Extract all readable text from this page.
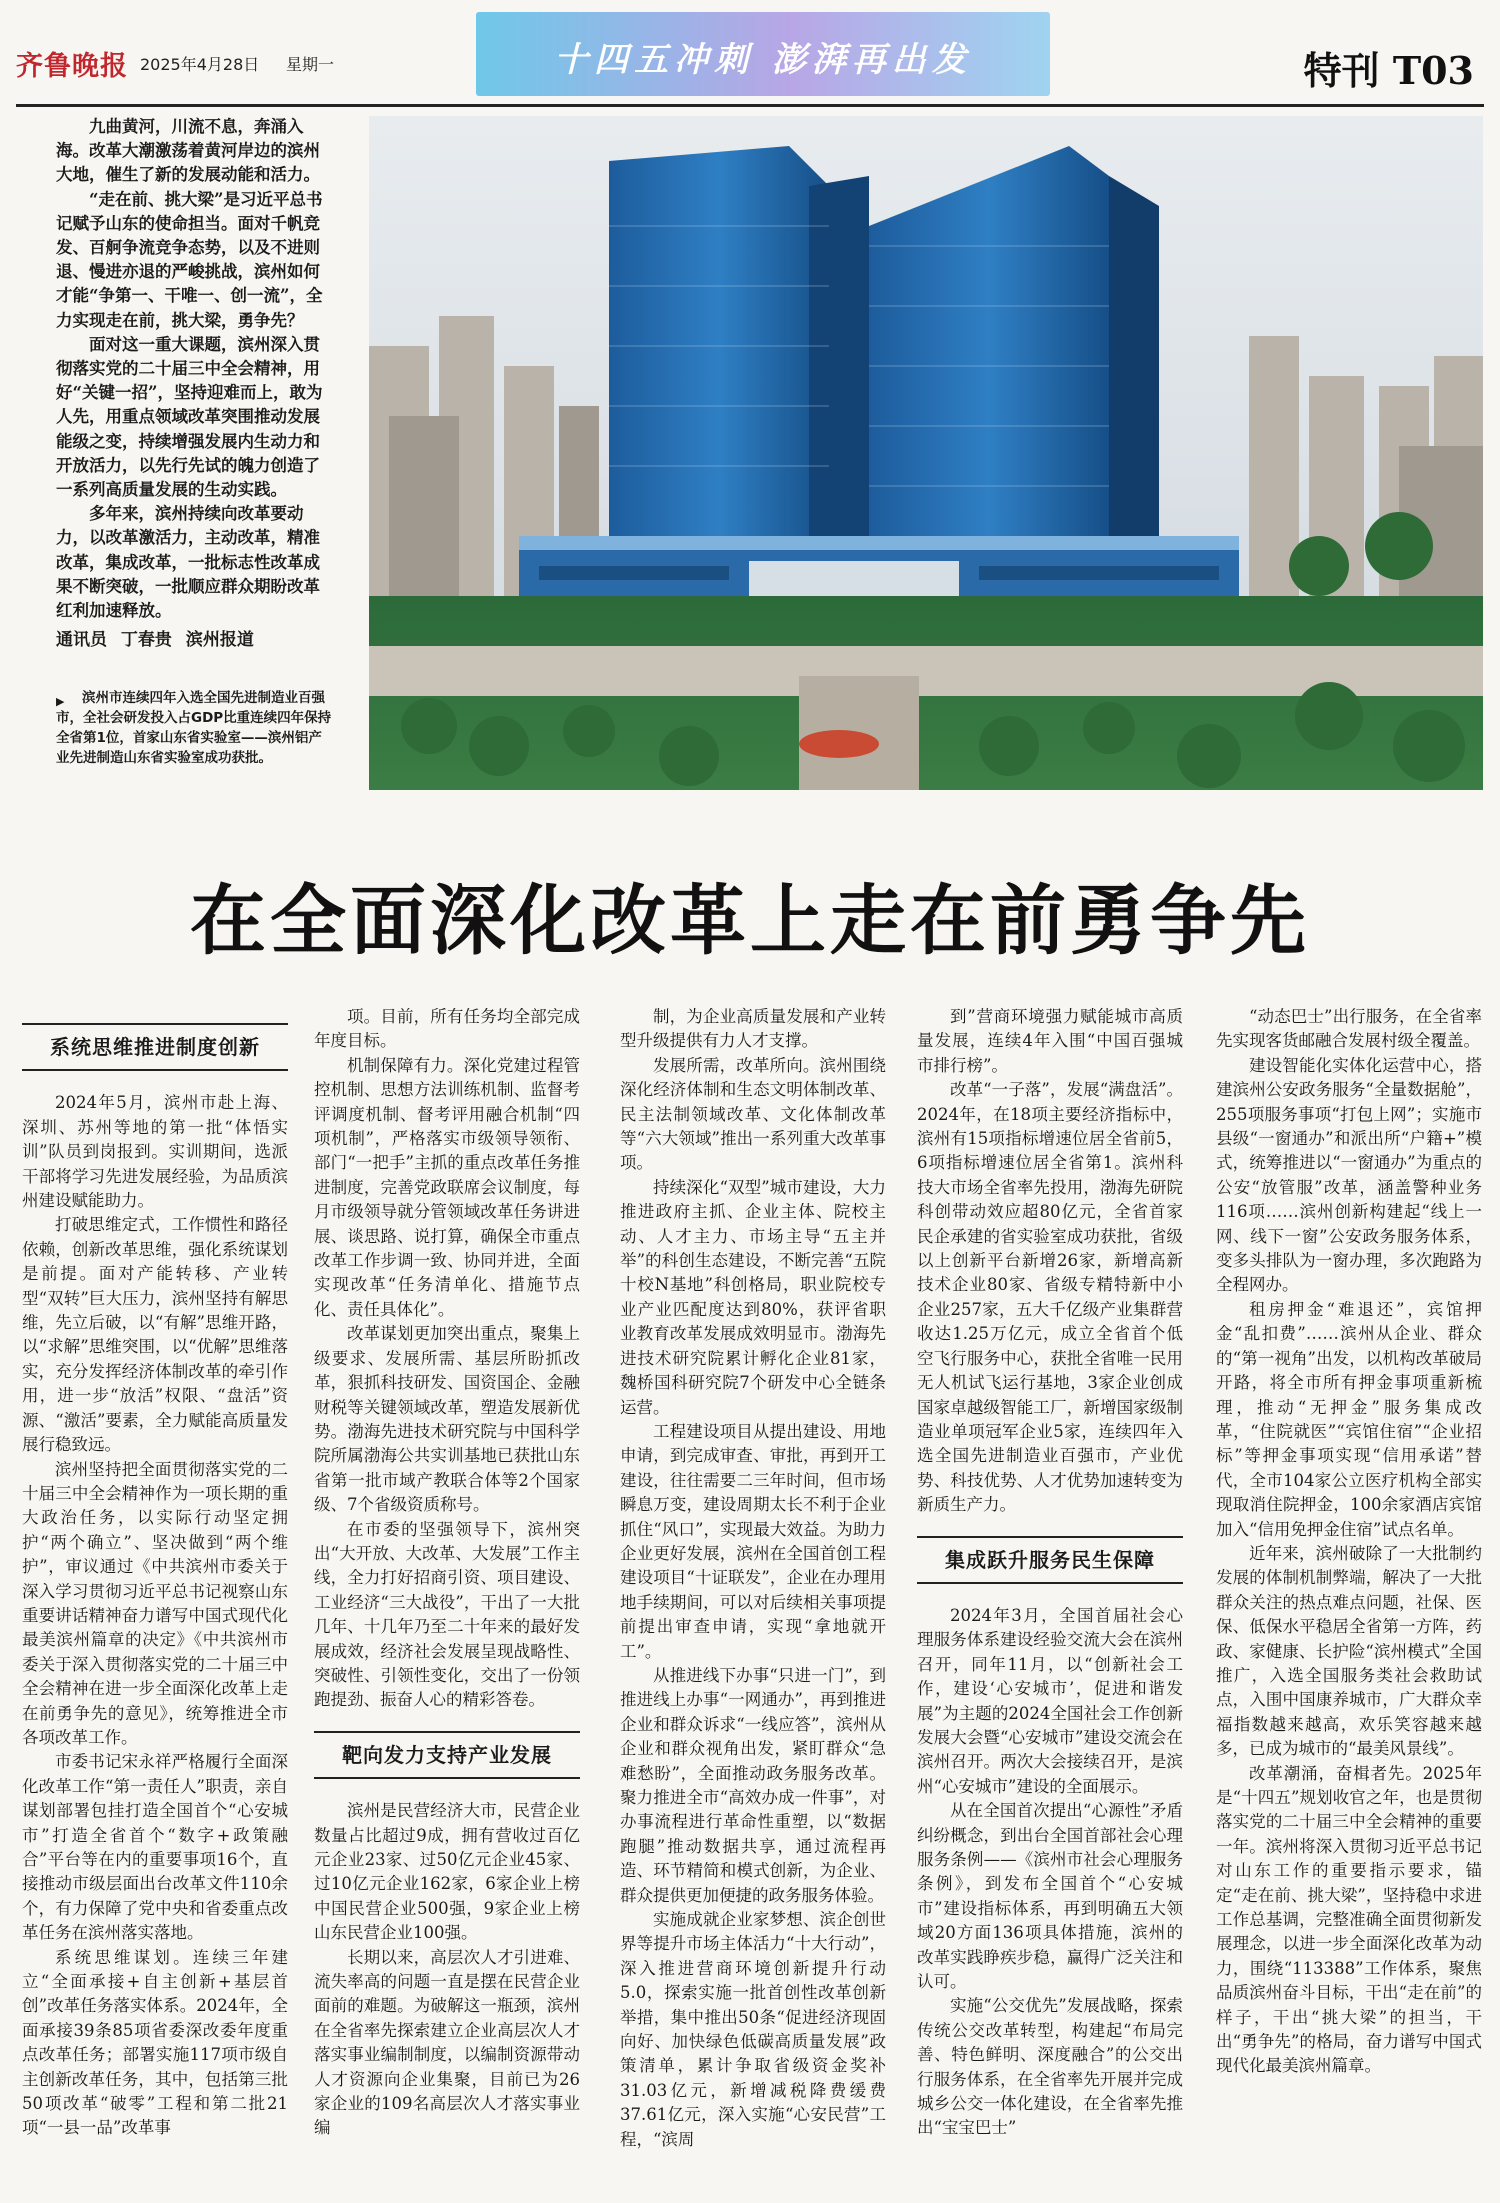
齐鲁晚报 2025年4月28日 星期一	十四五冲刺 澎湃再出发	特刊 T03

九曲黄河，川流不息，奔涌入海。改革大潮激荡着黄河岸边的滨州大地，催生了新的发展动能和活力。

“走在前、挑大梁”是习近平总书记赋予山东的使命担当。面对千帆竞发、百舸争流竞争态势，以及不进则退、慢进亦退的严峻挑战，滨州如何才能“争第一、干唯一、创一流”，全力实现走在前，挑大梁，勇争先？

面对这一重大课题，滨州深入贯彻落实党的二十届三中全会精神，用好“关键一招”，坚持迎难而上，敢为人先，用重点领域改革突围推动发展能级之变，持续增强发展内生动力和开放活力，以先行先试的魄力创造了一系列高质量发展的生动实践。

多年来，滨州持续向改革要动力，以改革激活力，主动改革，精准改革，集成改革，一批标志性改革成果不断突破，一批顺应群众期盼改革红利加速释放。

通讯员 丁春贵 滨州报道
▶	滨州市连续四年入选全国先进制造业百强市，全社会研发投入占GDP比重连续四年保持全省第1位，首家山东省实验室——滨州铝产业先进制造山东省实验室成功获批。
在全面深化改革上走在前勇争先
系统思维推进制度创新

2024年5月，滨州市赴上海、深圳、苏州等地的第一批“体悟实训”队员到岗报到。实训期间，选派干部将学习先进发展经验，为品质滨州建设赋能助力。

打破思维定式，工作惯性和路径依赖，创新改革思维，强化系统谋划是前提。面对产能转移、产业转型“双转”巨大压力，滨州坚持有解思维，先立后破，以“有解”思维开路，以“求解”思维突围，以“优解”思维落实，充分发挥经济体制改革的牵引作用，进一步“放活”权限、“盘活”资源、“激活”要素，全力赋能高质量发展行稳致远。

滨州坚持把全面贯彻落实党的二十届三中全会精神作为一项长期的重大政治任务，以实际行动坚定拥护“两个确立”、坚决做到“两个维护”，审议通过《中共滨州市委关于深入学习贯彻习近平总书记视察山东重要讲话精神奋力谱写中国式现代化最美滨州篇章的决定》《中共滨州市委关于深入贯彻落实党的二十届三中全会精神在进一步全面深化改革上走在前勇争先的意见》，统筹推进全市各项改革工作。

市委书记宋永祥严格履行全面深化改革工作“第一责任人”职责，亲自谋划部署包挂打造全国首个“心安城市”打造全省首个“数字+政策融合”平台等在内的重要事项16个，直接推动市级层面出台改革文件110余个，有力保障了党中央和省委重点改革任务在滨州落实落地。

系统思维谋划。连续三年建立“全面承接+自主创新+基层首创”改革任务落实体系。2024年，全面承接39条85项省委深改委年度重点改革任务；部署实施117项市级自主创新改革任务，其中，包括第三批50项改革“破零”工程和第二批21项“一县一品”改革事

项。目前，所有任务均全部完成年度目标。

机制保障有力。深化党建过程管控机制、思想方法训练机制、监督考评调度机制、督考评用融合机制“四项机制”，严格落实市级领导领衔、部门“一把手”主抓的重点改革任务推进制度，完善党政联席会议制度，每月市级领导就分管领域改革任务讲进展、谈思路、说打算，确保全市重点改革工作步调一致、协同并进，全面实现改革“任务清单化、措施节点化、责任具体化”。

改革谋划更加突出重点，聚集上级要求、发展所需、基层所盼抓改革，狠抓科技研发、国资国企、金融财税等关键领域改革，塑造发展新优势。渤海先进技术研究院与中国科学院所属渤海公共实训基地已获批山东省第一批市域产教联合体等2个国家级、7个省级资质称号。

在市委的坚强领导下，滨州突出“大开放、大改革、大发展”工作主线，全力打好招商引资、项目建设、工业经济“三大战役”，干出了一大批几年、十几年乃至二十年来的最好发展成效，经济社会发展呈现战略性、突破性、引领性变化，交出了一份领跑提劲、振奋人心的精彩答卷。

靶向发力支持产业发展

滨州是民营经济大市，民营企业数量占比超过9成，拥有营收过百亿元企业23家、过50亿元企业45家、过10亿元企业162家，6家企业上榜中国民营企业500强，9家企业上榜山东民营企业100强。

长期以来，高层次人才引进难、流失率高的问题一直是摆在民营企业面前的难题。为破解这一瓶颈，滨州在全省率先探索建立企业高层次人才落实事业编制制度，以编制资源带动人才资源向企业集聚，目前已为26家企业的109名高层次人才落实事业编

制，为企业高质量发展和产业转型升级提供有力人才支撑。

发展所需，改革所向。滨州围绕深化经济体制和生态文明体制改革、民主法制领域改革、文化体制改革等“六大领域”推出一系列重大改革事项。

持续深化“双型”城市建设，大力推进政府主抓、企业主体、院校主动、人才主力、市场主导“五主并举”的科创生态建设，不断完善“五院十校N基地”科创格局，职业院校专业产业匹配度达到80%，获评省职业教育改革发展成效明显市。渤海先进技术研究院累计孵化企业81家，魏桥国科研究院7个研发中心全链条运营。

工程建设项目从提出建设、用地申请，到完成审查、审批，再到开工建设，往往需要二三年时间，但市场瞬息万变，建设周期太长不利于企业抓住“风口”，实现最大效益。为助力企业更好发展，滨州在全国首创工程建设项目“十证联发”，企业在办理用地手续期间，可以对后续相关事项提前提出审查申请，实现“拿地就开工”。

从推进线下办事“只进一门”，到推进线上办事“一网通办”，再到推进企业和群众诉求“一线应答”，滨州从企业和群众视角出发，紧盯群众“急难愁盼”，全面推动政务服务改革。聚力推进全市“高效办成一件事”，对办事流程进行革命性重塑，以“数据跑腿”推动数据共享，通过流程再造、环节精简和模式创新，为企业、群众提供更加便捷的政务服务体验。

实施成就企业家梦想、滨企创世界等提升市场主体活力“十大行动”，深入推进营商环境创新提升行动5.0，探索实施一批首创性改革创新举措，集中推出50条“促进经济现固向好、加快绿色低碳高质量发展”政策清单，累计争取省级资金奖补31.03亿元，新增减税降费缓费37.61亿元，深入实施“心安民营”工程，“滨周

到”营商环境强力赋能城市高质量发展，连续4年入围“中国百强城市排行榜”。

改革“一子落”，发展“满盘活”。2024年，在18项主要经济指标中，滨州有15项指标增速位居全省前5，6项指标增速位居全省第1。滨州科技大市场全省率先投用，渤海先研院科创带动效应超80亿元，全省首家民企承建的省实验室成功获批，省级以上创新平台新增26家，新增高新技术企业80家、省级专精特新中小企业257家，五大千亿级产业集群营收达1.25万亿元，成立全省首个低空飞行服务中心，获批全省唯一民用无人机试飞运行基地，3家企业创成国家卓越级智能工厂，新增国家级制造业单项冠军企业5家，连续四年入选全国先进制造业百强市，产业优势、科技优势、人才优势加速转变为新质生产力。

集成跃升服务民生保障

2024年3月，全国首届社会心理服务体系建设经验交流大会在滨州召开，同年11月，以“创新社会工作，建设‘心安城市’，促进和谐发展”为主题的2024全国社会工作创新发展大会暨“心安城市”建设交流会在滨州召开。两次大会接续召开，是滨州“心安城市”建设的全面展示。

从在全国首次提出“心源性”矛盾纠纷概念，到出台全国首部社会心理服务条例——《滨州市社会心理服务条例》，到发布全国首个“心安城市”建设指标体系，再到明确五大领域20方面136项具体措施，滨州的改革实践睁疾步稳，赢得广泛关注和认可。

实施“公交优先”发展战略，探索传统公交改革转型，构建起“布局完善、特色鲜明、深度融合”的公交出行服务体系，在全省率先开展并完成城乡公交一体化建设，在全省率先推出“宝宝巴士”

“动态巴士”出行服务，在全省率先实现客货邮融合发展村级全覆盖。

建设智能化实体化运营中心，搭建滨州公安政务服务“全量数据舱”，255项服务事项“打包上网”；实施市县级“一窗通办”和派出所“户籍+”模式，统筹推进以“一窗通办”为重点的公安“放管服”改革，涵盖警种业务116项……滨州创新构建起“线上一网、线下一窗”公安政务服务体系，变多头排队为一窗办理，多次跑路为全程网办。

租房押金“难退还”，宾馆押金“乱扣费”……滨州从企业、群众的“第一视角”出发，以机构改革破局开路，将全市所有押金事项重新梳理，推动“无押金”服务集成改革，“住院就医”“宾馆住宿”“企业招标”等押金事项实现“信用承诺”替代，全市104家公立医疗机构全部实现取消住院押金，100余家酒店宾馆加入“信用免押金住宿”试点名单。

近年来，滨州破除了一大批制约发展的体制机制弊端，解决了一大批群众关注的热点难点问题，社保、医保、低保水平稳居全省第一方阵，药政、家健康、长护险“滨州模式”全国推广，入选全国服务类社会救助试点，入围中国康养城市，广大群众幸福指数越来越高，欢乐笑容越来越多，已成为城市的“最美风景线”。

改革潮涌，奋楫者先。2025年是“十四五”规划收官之年，也是贯彻落实党的二十届三中全会精神的重要一年。滨州将深入贯彻习近平总书记对山东工作的重要指示要求，锚定“走在前、挑大梁”，坚持稳中求进工作总基调，完整准确全面贯彻新发展理念，以进一步全面深化改革为动力，围绕“113388”工作体系，聚焦品质滨州奋斗目标，干出“走在前”的样子，干出“挑大梁”的担当，干出“勇争先”的格局，奋力谱写中国式现代化最美滨州篇章。
